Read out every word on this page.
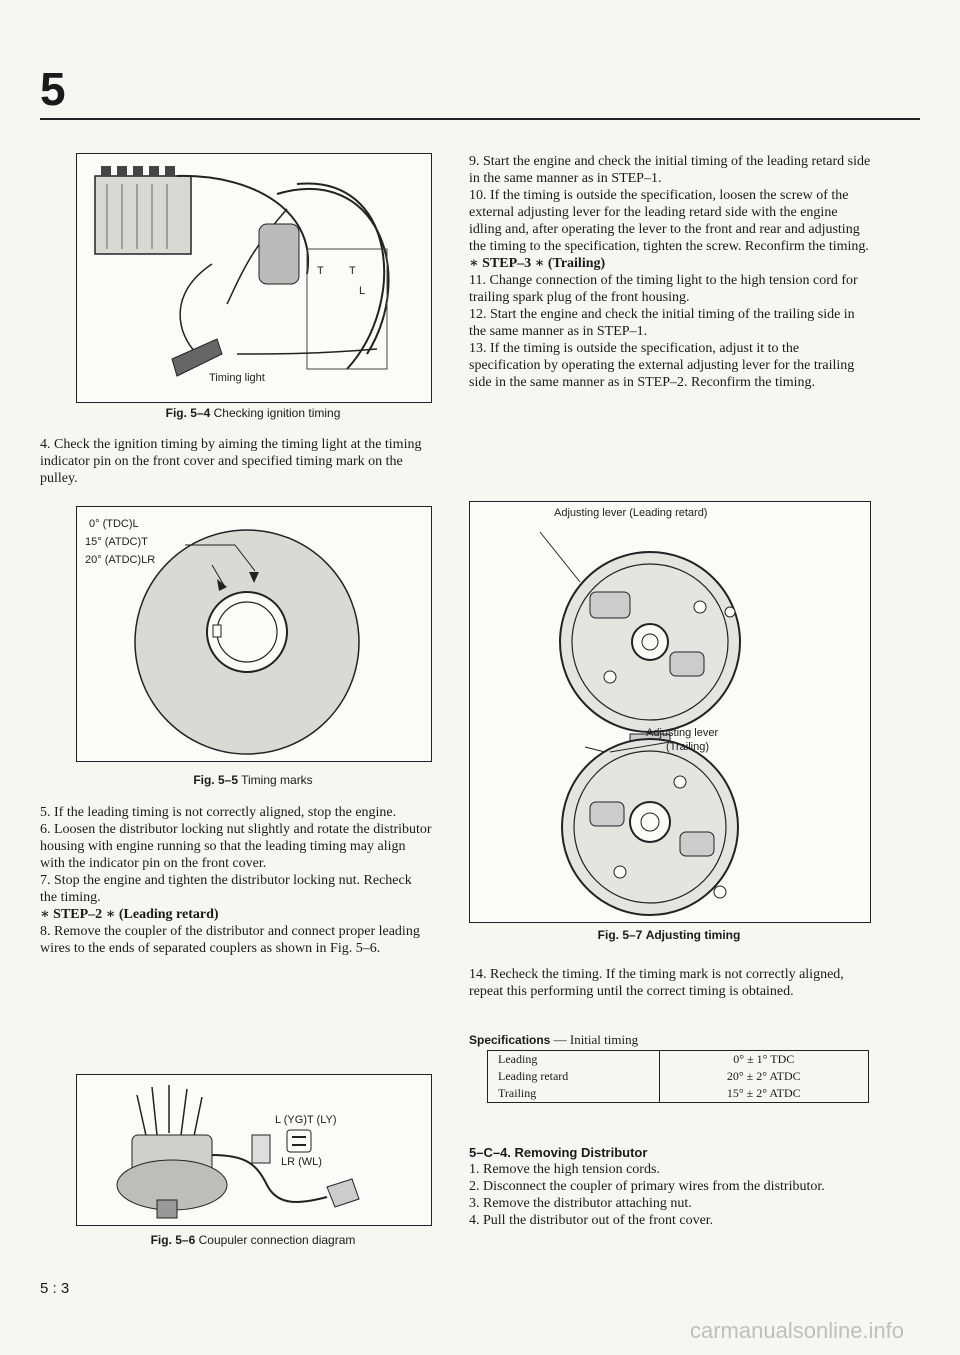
5
T T
L
Timing light
Fig. 5–4 Checking ignition timing

4. Check the ignition timing by aiming the timing light at the timing indicator pin on the front cover and specified timing mark on the pulley.

0° (TDC)L
15° (ATDC)T
20° (ATDC)LR
Fig. 5–5 Timing marks

5. If the leading timing is not correctly aligned, stop the engine.

6. Loosen the distributor locking nut slightly and rotate the distributor housing with engine running so that the leading timing may align with the indicator pin on the front cover.

7. Stop the engine and tighten the distributor locking nut. Recheck the timing.

∗ STEP–2 ∗ (Leading retard)

8. Remove the coupler of the distributor and connect proper leading wires to the ends of separated couplers as shown in Fig. 5–6.

L (YG)T (LY)
LR (WL)
Fig. 5–6 Coupuler connection diagram

9. Start the engine and check the initial timing of the leading retard side in the same manner as in STEP–1.

10. If the timing is outside the specification, loosen the screw of the external adjusting lever for the leading retard side with the engine idling and, after operating the lever to the front and rear and adjusting the timing to the specification, tighten the screw. Reconfirm the timing.

∗ STEP–3 ∗ (Trailing)

11. Change connection of the timing light to the high tension cord for trailing spark plug of the front housing.

12. Start the engine and check the initial timing of the trailing side in the same manner as in STEP–1.

13. If the timing is outside the specification, adjust it to the specification by operating the external adjusting lever for the trailing side in the same manner as in STEP–2. Reconfirm the timing.

Adjusting lever (Leading retard)
Adjusting lever
(Trailing)
Fig. 5–7 Adjusting timing

14. Recheck the timing. If the timing mark is not correctly aligned, repeat this performing until the correct timing is obtained.

Specifications — Initial timing
Leading	0° ± 1° TDC
Leading retard	20° ± 2° ATDC
Trailing	15° ± 2° ATDC

5–C–4. Removing Distributor

1. Remove the high tension cords.

2. Disconnect the coupler of primary wires from the distributor.

3. Remove the distributor attaching nut.

4. Pull the distributor out of the front cover.

5 : 3
carmanualsonline.info
